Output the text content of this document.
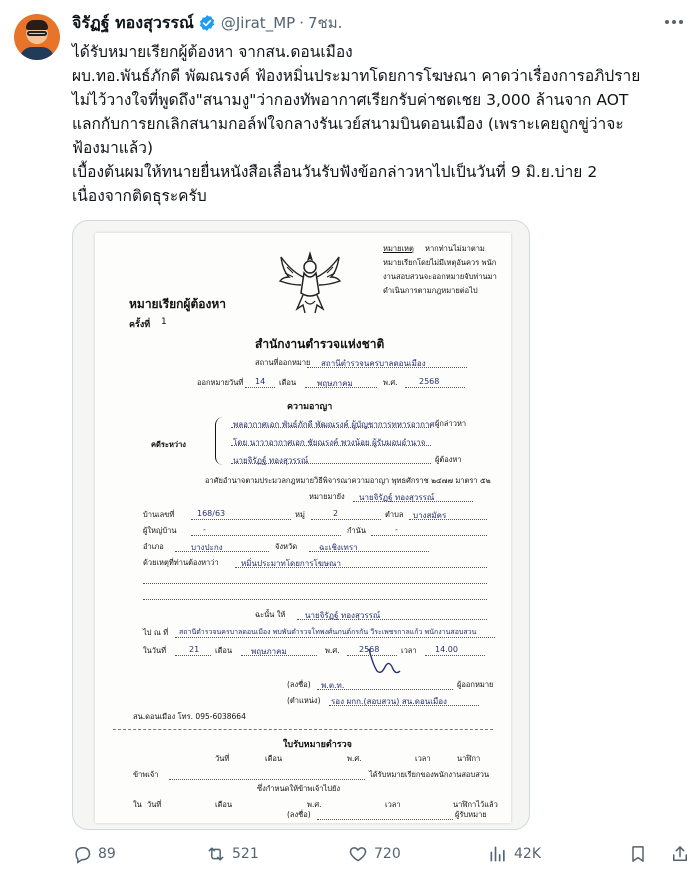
จิรัฏฐ์ ทองสุวรรณ์ @Jirat_MP · 7ชม.

ได้รับหมายเรียกผู้ต้องหา จากสน.ดอนเมือง

ผบ.ทอ.พันธ์ภักดี พัฒณรงค์ ฟ้องหมิ่นประมาทโดยการโฆษณา คาดว่าเรื่องการอภิปราย

ไม่ไว้วางใจที่พูดถึง"สนามงู"ว่ากองทัพอากาศเรียกรับค่าชดเชย 3,000 ล้านจาก AOT

แลกกับการยกเลิกสนามกอล์ฟใจกลางรันเวย์สนามบินดอนเมือง (เพราะเคยถูกขู่ว่าจะ

ฟ้องมาแล้ว)

เบื้องต้นผมให้ทนายยื่นหนังสือเลื่อนวันรับฟังข้อกล่าวหาไปเป็นวันที่ 9 มิ.ย.บ่าย 2

เนื่องจากติดธุระครับ

หมายเหตุ หากท่านไม่มาตาม
หมายเรียกโดยไม่มีเหตุอันควร พนัก
งานสอบสวนจะออกหมายจับท่านมา
ดำเนินการตามกฎหมายต่อไป
หมายเรียกผู้ต้องหา
ครั้งที่ 1
สำนักงานตำรวจแห่งชาติ
สถานที่ออกหมาย สถานีตำรวจนครบาลดอนเมือง
ออกหมายวันที่ 14 เดือน	พฤษภาคม	พ.ศ.	2568
ความอาญา
คดีระหว่าง
พลอากาศเอก พันธ์ภักดี พัฒณรงค์ ผู้บัญชาการทหารอากาศ ผู้กล่าวหา
โดย นาวาอากาศเอก ชัยณรงค์ พวงน้อย ผู้รับมอบอำนาจ
นายจิรัฏฐ์ ทองสุวรรณ์	ผู้ต้องหา
อาศัยอำนาจตามประมวลกฎหมายวิธีพิจารณาความอาญา พุทธศักราช ๒๔๗๗ มาตรา ๕๒
หมายมายัง นายจิรัฏฐ์ ทองสุวรรณ์
บ้านเลขที่	168/63	หมู่	2	ตำบล บางสมัคร
ผู้ใหญ่บ้าน	-	กำนัน	-
อำเภอ	บางปะกง	จังหวัด	ฉะเชิงเทรา
ด้วยเหตุที่ท่านต้องหาว่า	หมิ่นประมาทโดยการโฆษณา
ฉะนั้น ให้ นายจิรัฏฐ์ ทองสุวรรณ์
ไป ณ ที่ สถานีตำรวจนครบาลดอนเมือง พบพันตำรวจโทพงศ์นภนต์กรกัน วีระเพชรกาลแก้ว พนักงานสอบสวน
ในวันที่	21 เดือน พฤษภาคม	พ.ศ. 2568	เวลา 14.00
(ลงชื่อ) พ.ต.ท.	ผู้ออกหมาย
(ตำแหน่ง) รอง ผกก.(สอบสวน) สน.ดอนเมือง
สน.ดอนเมือง โทร. 095-6038664
ใบรับหมายตำรวจ
วันที่	เดือน	พ.ศ.	เวลา	นาฬิกา
ข้าพเจ้า	ได้รับหมายเรียกของพนักงานสอบสวน
ซึ่งกำหนดให้ข้าพเจ้าไปยัง
ใน วันที่	เดือน	พ.ศ.	เวลา	นาฬิกาไว้แล้ว
(ลงชื่อ)	ผู้รับหมาย
89	521	720	42K
